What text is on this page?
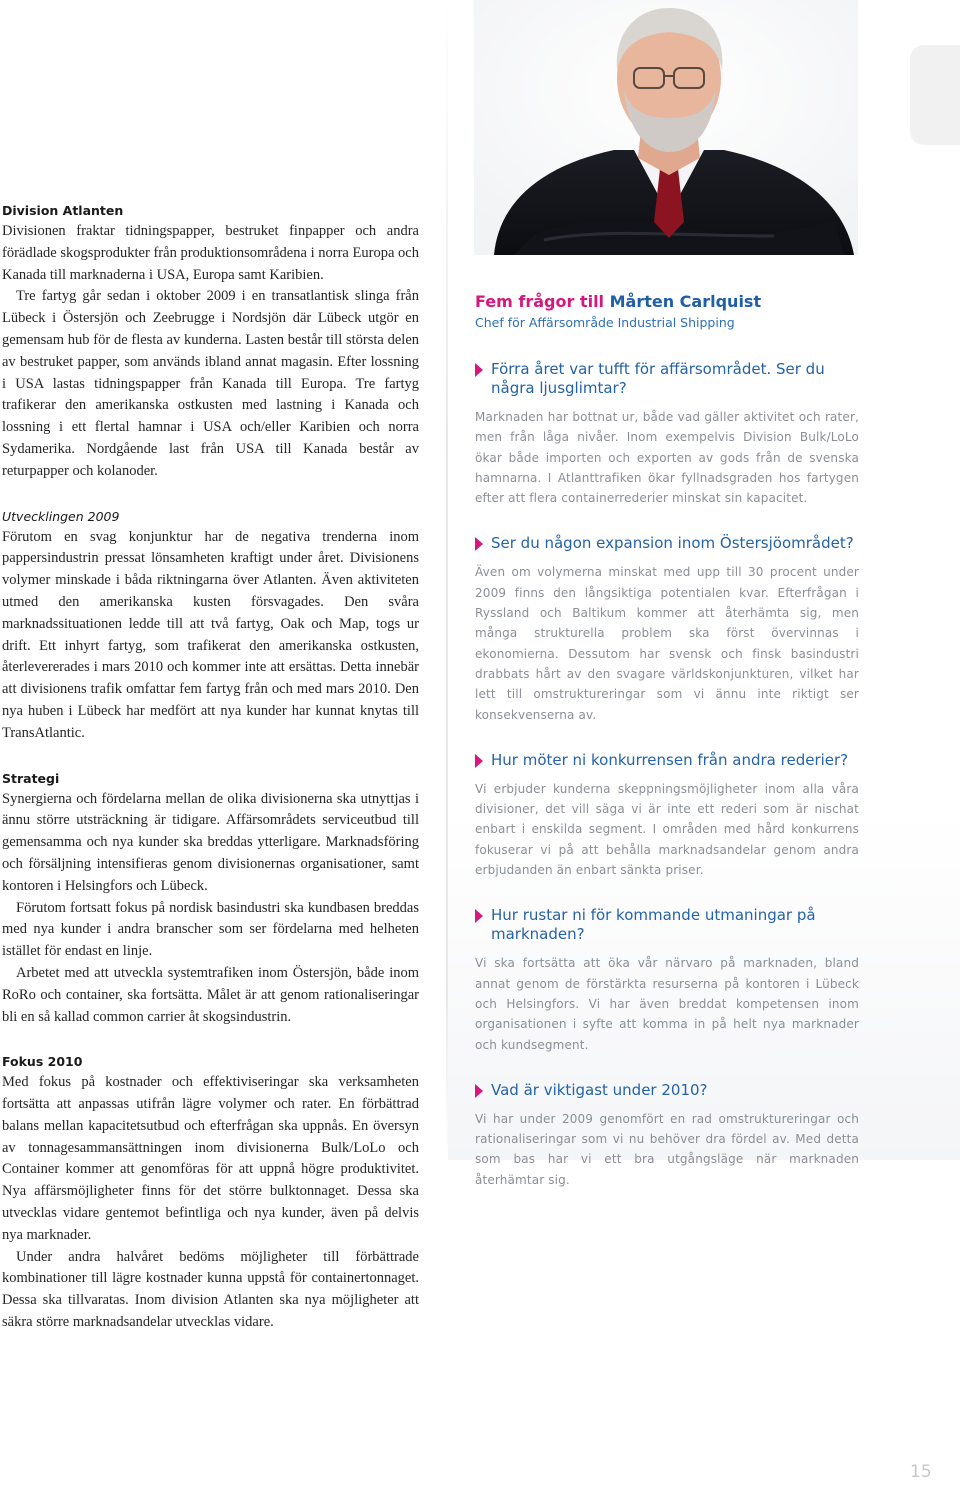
Division Atlanten

Divisionen fraktar tidningspapper, bestruket finpapper och andra förädlade skogsprodukter från produktionsområdena i norra Europa och Kanada till marknaderna i USA, Europa samt Karibien.

Tre fartyg går sedan i oktober 2009 i en transatlantisk slinga från Lübeck i Östersjön och Zeebrugge i Nordsjön där Lübeck utgör en gemensam hub för de flesta av kunderna. Lasten består till största delen av bestruket papper, som används ibland annat magasin. Efter lossning i USA lastas tidningspapper från Kanada till Europa. Tre fartyg trafikerar den amerikanska ostkusten med lastning i Kanada och lossning i ett flertal hamnar i USA och/eller Karibien och norra Sydamerika. Nordgående last från USA till Kanada består av returpapper och kolanoder.

Utvecklingen 2009

Förutom en svag konjunktur har de negativa trenderna inom pappersindustrin pressat lönsamheten kraftigt under året. Divisionens volymer minskade i båda riktningarna över Atlanten. Även aktiviteten utmed den amerikanska kusten försvagades. Den svåra marknadssituationen ledde till att två fartyg, Oak och Map, togs ur drift. Ett inhyrt fartyg, som trafikerat den amerikanska ostkusten, återlevererades i mars 2010 och kommer inte att ersättas. Detta innebär att divisionens trafik omfattar fem fartyg från och med mars 2010. Den nya huben i Lübeck har medfört att nya kunder har kunnat knytas till TransAtlantic.

Strategi

Synergierna och fördelarna mellan de olika divisionerna ska utnyttjas i ännu större utsträckning är tidigare. Affärsområdets serviceutbud till gemensamma och nya kunder ska breddas ytterligare. Marknadsföring och försäljning intensifieras genom divisionernas organisationer, samt kontoren i Helsingfors och Lübeck.

Förutom fortsatt fokus på nordisk basindustri ska kundbasen breddas med nya kunder i andra branscher som ser fördelarna med helheten istället för endast en linje.

Arbetet med att utveckla systemtrafiken inom Östersjön, både inom RoRo och container, ska fortsätta. Målet är att genom rationaliseringar bli en så kallad common carrier åt skogsindustrin.

Fokus 2010

Med fokus på kostnader och effektiviseringar ska verksamheten fortsätta att anpassas utifrån lägre volymer och rater. En förbättrad balans mellan kapacitetsutbud och efterfrågan ska uppnås. En översyn av tonnagesammansättningen inom divisionerna Bulk/LoLo och Container kommer att genomföras för att uppnå högre produktivitet. Nya affärsmöjligheter finns för det större bulktonnaget. Dessa ska utvecklas vidare gentemot befintliga och nya kunder, även på delvis nya marknader.

Under andra halvåret bedöms möjligheter till förbättrade kombinationer till lägre kostnader kunna uppstå för containertonnaget. Dessa ska tillvaratas. Inom division Atlanten ska nya möjligheter att säkra större marknadsandelar utvecklas vidare.

Fem frågor till Mårten Carlquist

Chef för Affärsområde Industrial Shipping

Förra året var tufft för affärsområdet. Ser du några ljusglimtar?

Marknaden har bottnat ur, både vad gäller aktivitet och rater, men från låga nivåer. Inom exempelvis Division Bulk/LoLo ökar både importen och exporten av gods från de svenska hamnarna. I Atlanttrafiken ökar fyllnadsgraden hos fartygen efter att flera containerrederier minskat sin kapacitet.

Ser du någon expansion inom Östersjöområdet?

Även om volymerna minskat med upp till 30 procent under 2009 finns den långsiktiga potentialen kvar. Efterfrågan i Ryssland och Baltikum kommer att återhämta sig, men många strukturella problem ska först övervinnas i ekonomierna. Dessutom har svensk och finsk basindustri drabbats hårt av den svagare världskonjunkturen, vilket har lett till omstruktureringar som vi ännu inte riktigt ser konsekvenserna av.

Hur möter ni konkurrensen från andra rederier?

Vi erbjuder kunderna skeppningsmöjligheter inom alla våra divisioner, det vill säga vi är inte ett rederi som är nischat enbart i enskilda segment. I områden med hård konkurrens fokuserar vi på att behålla marknadsandelar genom andra erbjudanden än enbart sänkta priser.

Hur rustar ni för kommande utmaningar på marknaden?

Vi ska fortsätta att öka vår närvaro på marknaden, bland annat genom de förstärkta resurserna på kontoren i Lübeck och Helsingfors. Vi har även breddat kompetensen inom organisationen i syfte att komma in på helt nya marknader och kundsegment.

Vad är viktigast under 2010?

Vi har under 2009 genomfört en rad omstruktureringar och rationaliseringar som vi nu behöver dra fördel av. Med detta som bas har vi ett bra utgångsläge när marknaden återhämtar sig.

15
